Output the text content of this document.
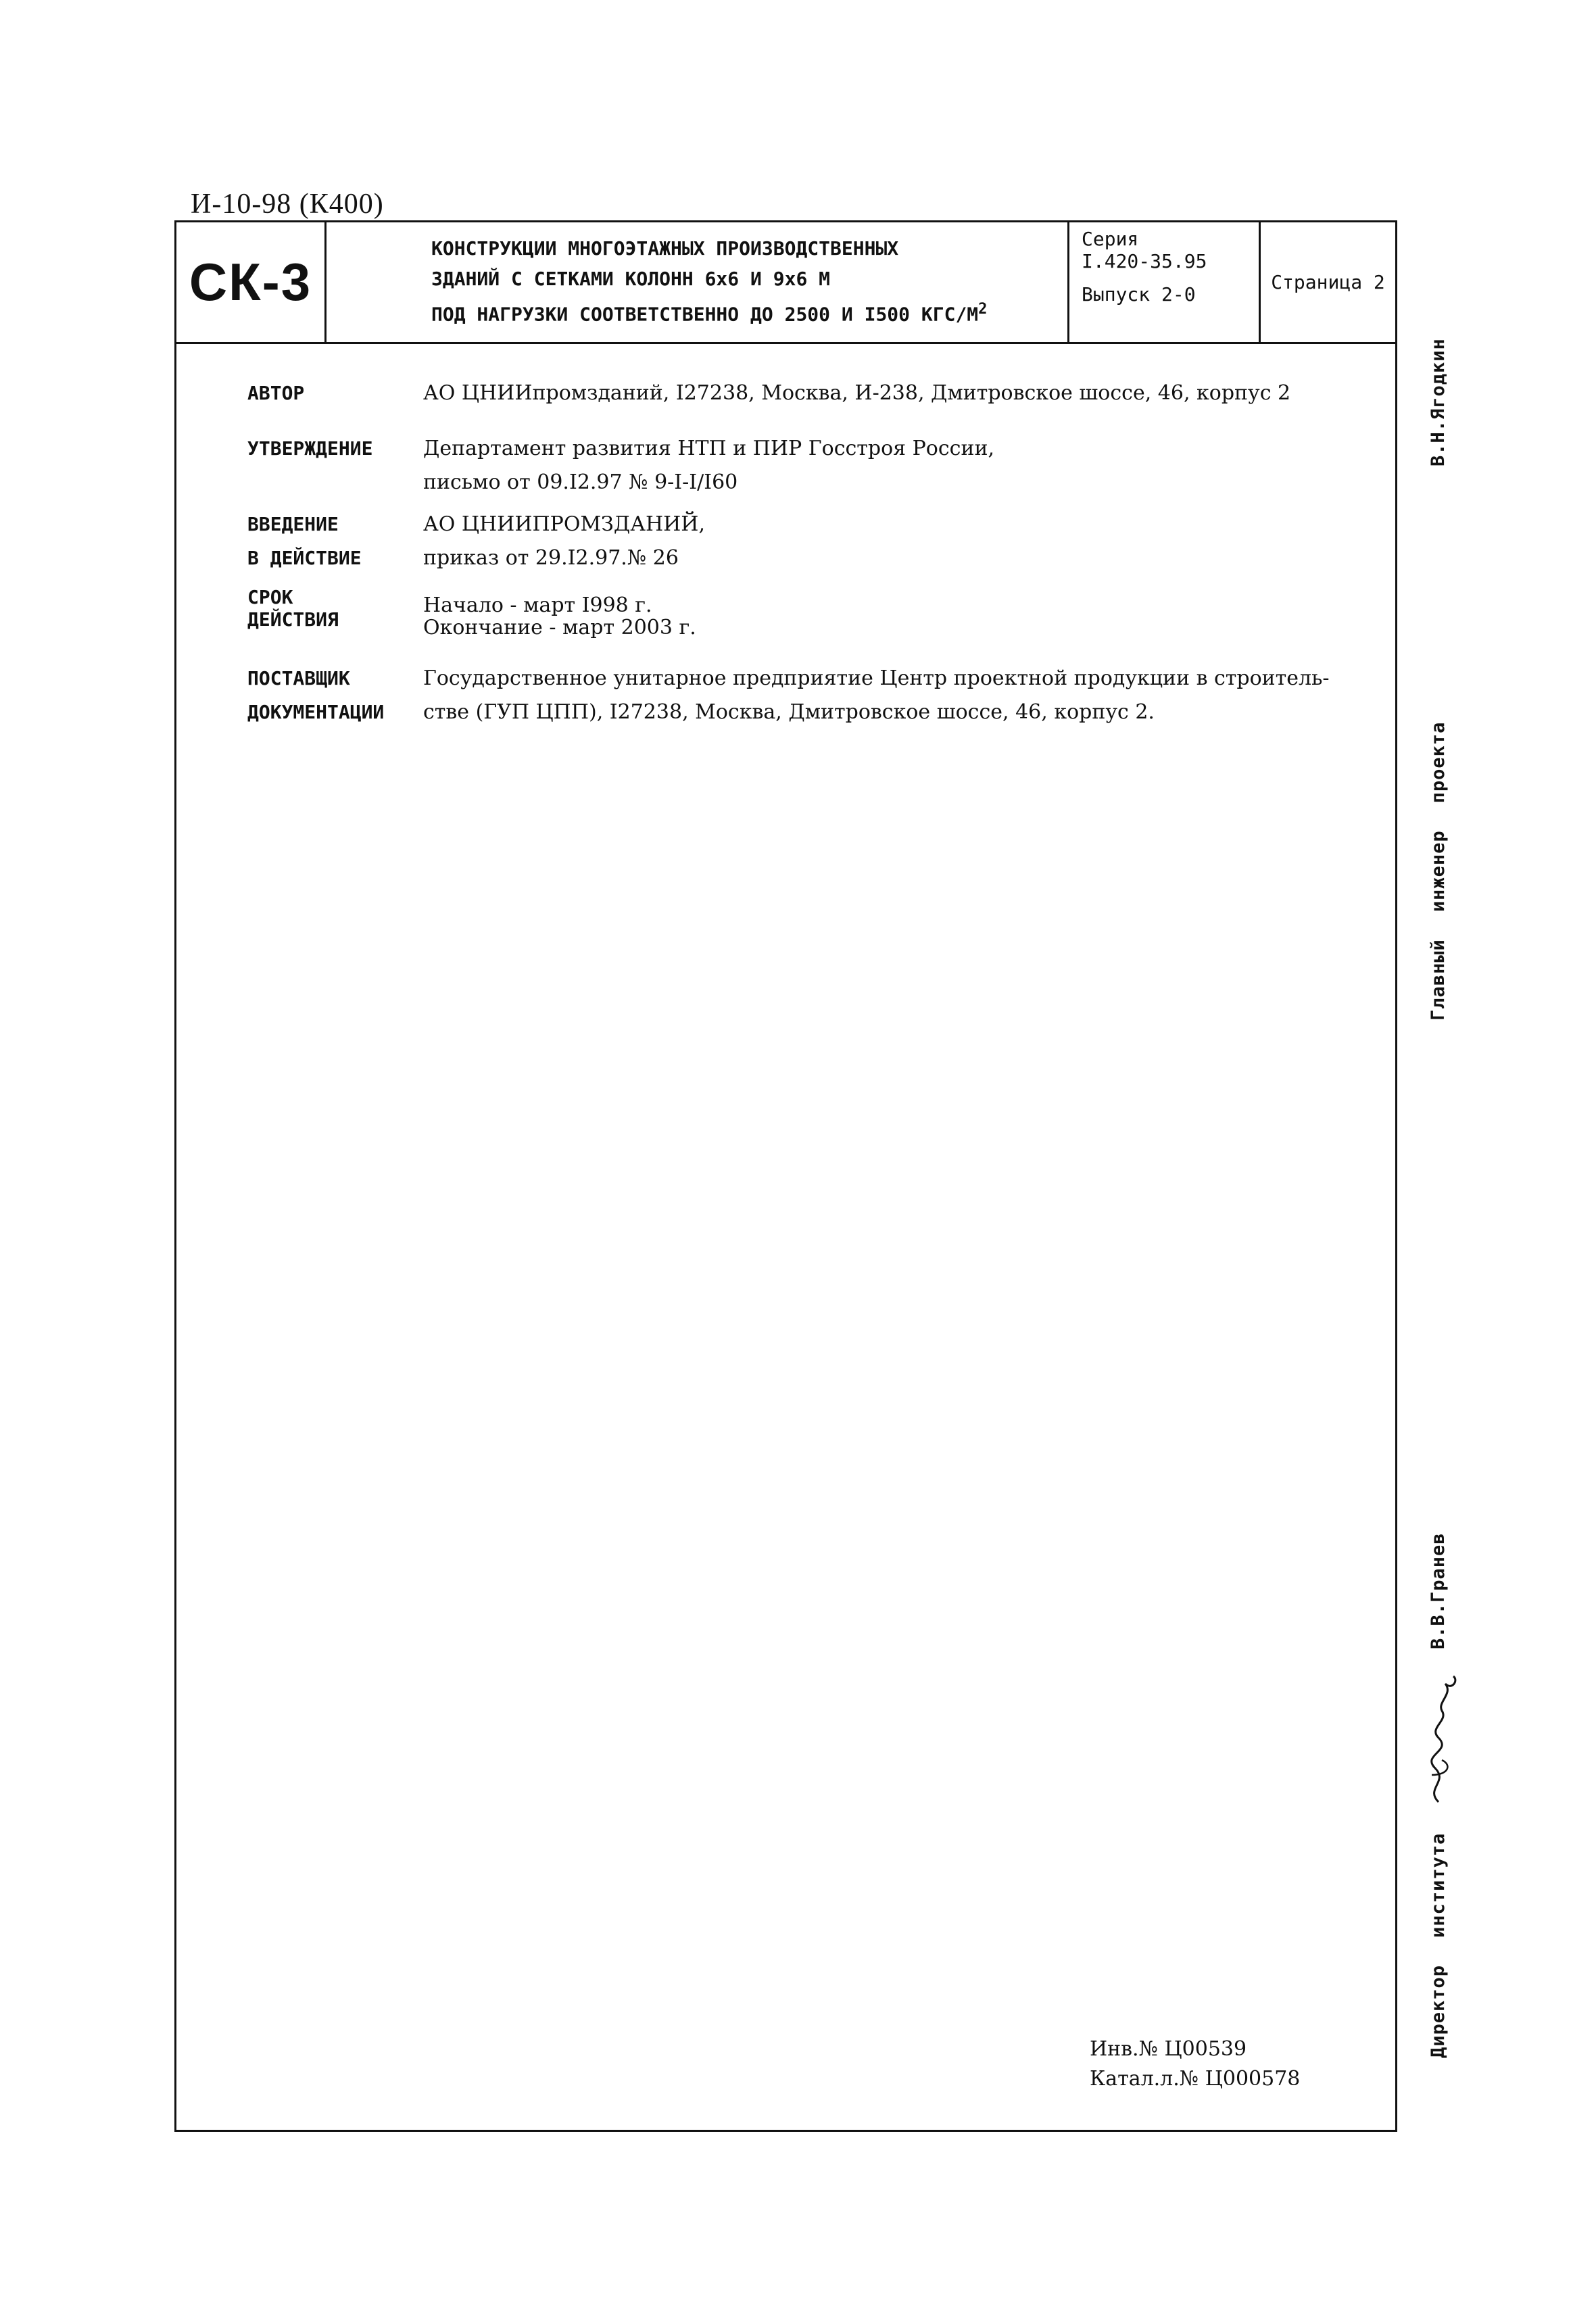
И-10-98 (К400)
СК-3
КОНСТРУКЦИИ МНОГОЭТАЖНЫХ ПРОИЗВОДСТВЕННЫХ
ЗДАНИЙ С СЕТКАМИ КОЛОНН 6х6 И 9х6 М
ПОД НАГРУЗКИ СООТВЕТСТВЕННО ДО 2500 И I500 КГС/$М^2$
Серия
I.420-35.95
Выпуск 2-0
Страница 2
АВТОР	АО ЦНИИпромзданий, I27238, Москва, И-238, Дмитровское шоссе, 46, корпус 2
УТВЕРЖДЕНИЕ	Департамент развития НТП и ПИР Госстроя России,
письмо от 09.I2.97 № 9-I-I/I60
ВВЕДЕНИЕ
В ДЕЙСТВИЕ
АО ЦНИИПРОМЗДАНИЙ,
приказ от 29.I2.97.№ 26
СРОК
ДЕЙСТВИЯ
Начало - март I998 г.
Окончание - март 2003 г.
ПОСТАВЩИК
ДОКУМЕНТАЦИИ
Государственное унитарное предприятие Центр проектной продукции в строитель-
стве (ГУП ЦПП), I27238, Москва, Дмитровское шоссе, 46, корпус 2.
Инв.№ Ц00539
Катал.л.№ Ц000578
В.Н.Ягодкин
Главныйинженерпроекта
В.В.Гранев
Директоринститута
